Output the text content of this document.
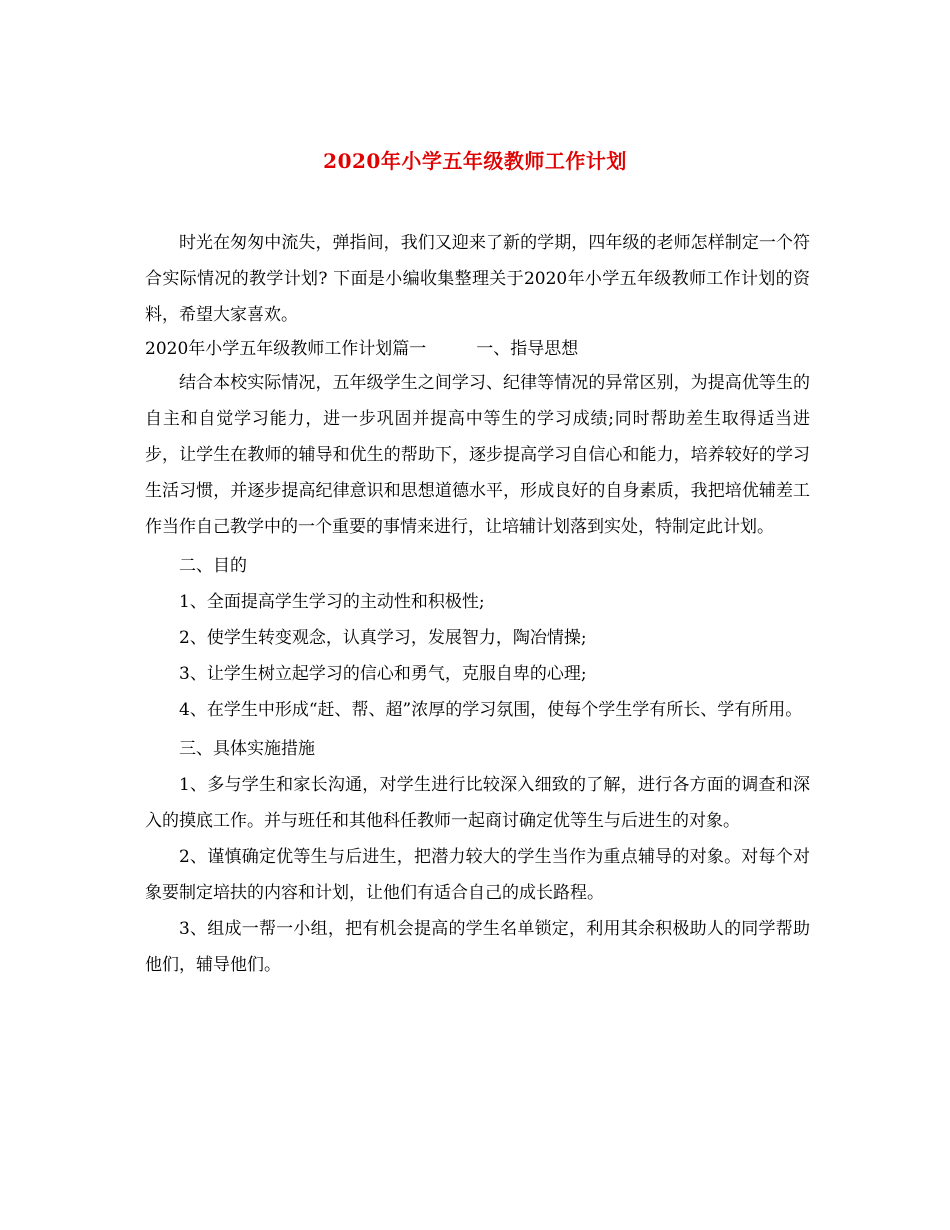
2020年小学五年级教师工作计划

时光在匆匆中流失，弹指间，我们又迎来了新的学期，四年级的老师怎样制定一个符合实际情况的教学计划? 下面是小编收集整理关于2020年小学五年级教师工作计划的资料，希望大家喜欢。

2020年小学五年级教师工作计划篇一	一、指导思想

结合本校实际情况，五年级学生之间学习、纪律等情况的异常区别，为提高优等生的自主和自觉学习能力，进一步巩固并提高中等生的学习成绩;同时帮助差生取得适当进步，让学生在教师的辅导和优生的帮助下，逐步提高学习自信心和能力，培养较好的学习生活习惯，并逐步提高纪律意识和思想道德水平，形成良好的自身素质，我把培优辅差工作当作自己教学中的一个重要的事情来进行，让培辅计划落到实处，特制定此计划。

二、目的

1、全面提高学生学习的主动性和积极性;

2、使学生转变观念，认真学习，发展智力，陶冶情操;

3、让学生树立起学习的信心和勇气，克服自卑的心理;

4、在学生中形成“赶、帮、超”浓厚的学习氛围，使每个学生学有所长、学有所用。

三、具体实施措施

1、多与学生和家长沟通，对学生进行比较深入细致的了解，进行各方面的调查和深入的摸底工作。并与班任和其他科任教师一起商讨确定优等生与后进生的对象。

2、谨慎确定优等生与后进生，把潜力较大的学生当作为重点辅导的对象。对每个对象要制定培扶的内容和计划，让他们有适合自己的成长路程。

3、组成一帮一小组，把有机会提高的学生名单锁定，利用其余积极助人的同学帮助他们，辅导他们。
